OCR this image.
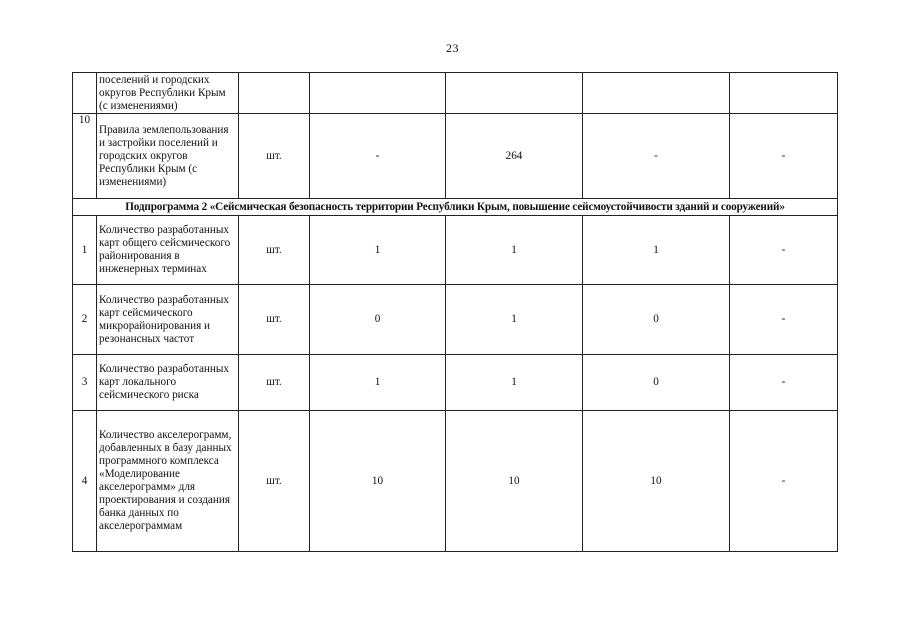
23
	поселений и городских округов Республики Крым (с изменениями)					
10	Правила землепользования и застройки поселений и городских округов Республики Крым (с изменениями)	шт.	-	264	-	-
Подпрограмма 2 «Сейсмическая безопасность территории Республики Крым, повышение сейсмоустойчивости зданий и сооружений»						
1	Количество разработанных карт общего сейсмического районирования в инженерных терминах	шт.	1	1	1	-
2	Количество разработанных карт сейсмического микрорайонирования и резонансных частот	шт.	0	1	0	-
3	Количество разработанных карт локального сейсмического риска	шт.	1	1	0	-
4	Количество акселерограмм, добавленных в базу данных программного комплекса «Моделирование акселерограмм» для проектирования и создания банка данных по акселерограммам	шт.	10	10	10	-
